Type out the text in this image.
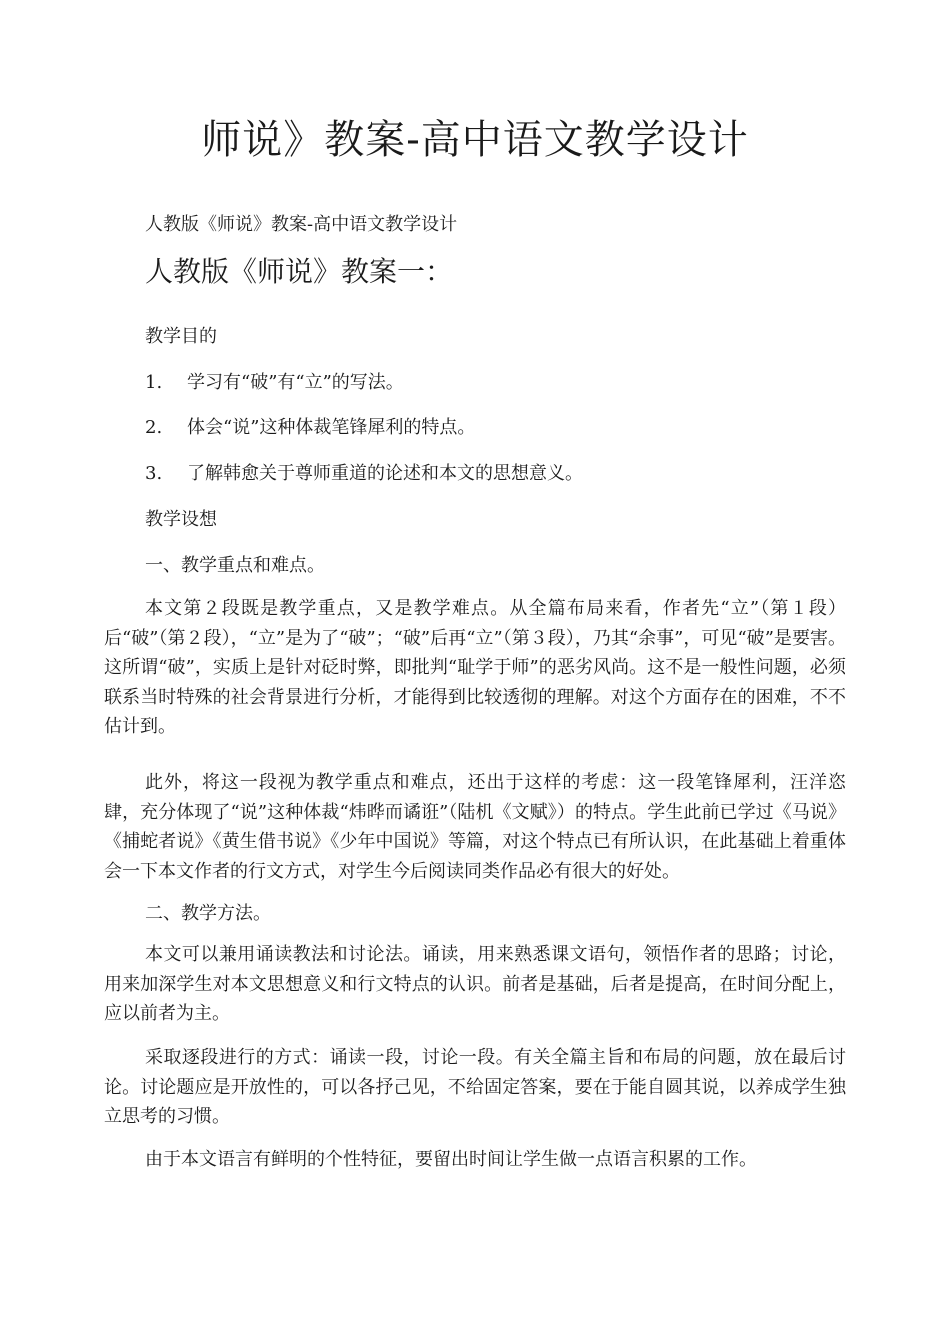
师说》教案-高中语文教学设计

人教版《师说》教案-高中语文教学设计

人教版《师说》教案一：

教学目的

1.	学习有“破”有“立”的写法。
2.	体会“说”这种体裁笔锋犀利的特点。
3.	了解韩愈关于尊师重道的论述和本文的思想意义。

教学设想

一、教学重点和难点。

本文第２段既是教学重点，又是教学难点。从全篇布局来看，作者先“立”（第１段）后“破”（第２段），“立”是为了“破”；“破”后再“立”（第３段），乃其“余事”，可见“破”是要害。这所谓“破”，实质上是针对砭时弊，即批判“耻学于师”的恶劣风尚。这不是一般性问题，必须联系当时特殊的社会背景进行分析，才能得到比较透彻的理解。对这个方面存在的困难，不不估计到。

此外，将这一段视为教学重点和难点，还出于这样的考虑：这一段笔锋犀利，汪洋恣肆，充分体现了“说”这种体裁“炜晔而谲诳”（陆机《文赋》）的特点。学生此前已学过《马说》《捕蛇者说》《黄生借书说》《少年中国说》等篇，对这个特点已有所认识，在此基础上着重体会一下本文作者的行文方式，对学生今后阅读同类作品必有很大的好处。

二、教学方法。

本文可以兼用诵读教法和讨论法。诵读，用来熟悉课文语句，领悟作者的思路；讨论，用来加深学生对本文思想意义和行文特点的认识。前者是基础，后者是提高，在时间分配上，应以前者为主。

采取逐段进行的方式：诵读一段，讨论一段。有关全篇主旨和布局的问题，放在最后讨论。讨论题应是开放性的，可以各抒己见，不给固定答案，要在于能自圆其说，以养成学生独立思考的习惯。

由于本文语言有鲜明的个性特征，要留出时间让学生做一点语言积累的工作。
